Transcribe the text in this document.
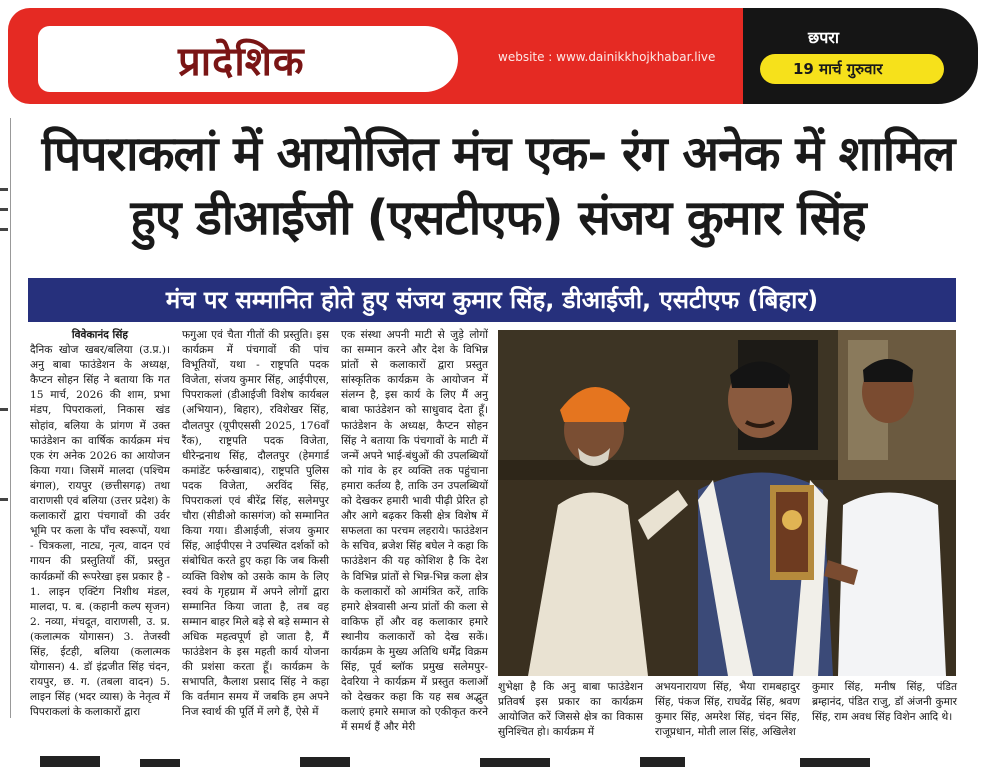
प्रादेशिक	website : www.dainikkhojkhabar.live
छपरा
19 मार्च गुरुवार
पिपराकलां में आयोजित मंच एक- रंग अनेक में शामिल
हुए डीआईजी (एसटीएफ) संजय कुमार सिंह
मंच पर सम्मानित होते हुए संजय कुमार सिंह, डीआईजी, एसटीएफ (बिहार)

विवेकानंद सिंह

दैनिक खोज खबर/बलिया (उ.प्र.)। अनु बाबा फाउंडेशन के अध्यक्ष, कैप्टन सोहन सिंह ने बताया कि गत 15 मार्च, 2026 की शाम, प्रभा मंडप, पिपराकलां, निकास खंड सोहांव, बलिया के प्रांगण में उक्त फाउंडेशन का वार्षिक कार्यक्रम मंच एक रंग अनेक 2026 का आयोजन किया गया। जिसमें मालदा (पश्चिम बंगाल), रायपुर (छत्तीसगढ़) तथा वाराणसी एवं बलिया (उत्तर प्रदेश) के कलाकारों द्वारा पंचगावों की उर्वर भूमि पर कला के पाँच स्वरूपों, यथा - चित्रकला, नाट्य, नृत्य, वादन एवं गायन की प्रस्तुतियाँ कीं, प्रस्तुत कार्यक्रमों की रूपरेखा इस प्रकार है - 1. लाइन एक्टिंग निशीथ मंडल, मालदा, प. ब. (कहानी कल्प सृजन) 2. नव्या, मंचदूत, वाराणसी, उ. प्र. (कलात्मक योगासन) 3. तेजस्वी सिंह, ईटही, बलिया (कलात्मक योगासन) 4. डॉ इंद्रजीत सिंह चंदन, रायपुर, छ. ग. (तबला वादन) 5. लाइन सिंह (भदर व्यास) के नेतृत्व में पिपराकलां के कलाकारों द्वारा

फगुआ एवं चैता गीतों की प्रस्तुति। इस कार्यक्रम में पंचगावों की पांच विभूतियों, यथा - राष्ट्रपति पदक विजेता, संजय कुमार सिंह, आईपीएस, पिपराकलां (डीआईजी विशेष कार्यबल (अभियान), बिहार), रविशेखर सिंह, दौलतपुर (यूपीएससी 2025, 176वाँ रैंक), राष्ट्रपति पदक विजेता, धीरेन्द्रनाथ सिंह, दौलतपुर (हेमगार्ड कमांडेंट फर्रुखाबाद), राष्ट्रपति पुलिस पदक विजेता, अरविंद सिंह, पिपराकलां एवं बीरेंद्र सिंह, सलेमपुर चौरा (सीडीओ कासगंज) को सम्मानित किया गया। डीआईजी, संजय कुमार सिंह, आईपीएस ने उपस्थित दर्शकों को संबोधित करते हुए कहा कि जब किसी व्यक्ति विशेष को उसके काम के लिए स्वयं के गृहग्राम में अपने लोगों द्वारा सम्मानित किया जाता है, तब वह सम्मान बाहर मिले बड़े से बड़े सम्मान से अधिक महत्वपूर्ण हो जाता है, मैं फाउंडेशन के इस महती कार्य योजना की प्रशंसा करता हूँ। कार्यक्रम के सभापति, कैलाश प्रसाद सिंह ने कहा कि वर्तमान समय में जबकि हम अपने निज स्वार्थ की पूर्ति में लगे हैं, ऐसे में

एक संस्था अपनी माटी से जुड़े लोगों का सम्मान करने और देश के विभिन्न प्रांतों से कलाकारों द्वारा प्रस्तुत सांस्कृतिक कार्यक्रम के आयोजन में संलग्न है, इस कार्य के लिए मैं अनु बाबा फाउंडेशन को साधुवाद देता हूँ। फाउंडेशन के अध्यक्ष, कैप्टन सोहन सिंह ने बताया कि पंचगावों के माटी में जन्में अपने भाई-बंधुओं की उपलब्धियों को गांव के हर व्यक्ति तक पहुंचाना हमारा कर्तव्य है, ताकि उन उपलब्धियों को देखकर हमारी भावी पीढ़ी प्रेरित हो और आगे बढ़कर किसी क्षेत्र विशेष में सफलता का परचम लहराये। फाउंडेशन के सचिव, ब्रजेश सिंह बघेल ने कहा कि फाउंडेशन की यह कोशिश है कि देश के विभिन्न प्रांतों से भिन्न-भिन्न कला क्षेत्र के कलाकारों को आमंत्रित करें, ताकि हमारे क्षेत्रवासी अन्य प्रांतों की कला से वाकिफ हों और वह कलाकार हमारे स्थानीय कलाकारों को देख सकें। कार्यक्रम के मुख्य अतिथि धर्मेंद्र विक्रम सिंह, पूर्व ब्लॉक प्रमुख सलेमपुर-देवरिया ने कार्यक्रम में प्रस्तुत कलाओं को देखकर कहा कि यह सब अद्भुत कलाएं हमारे समाज को एकीकृत करने में समर्थ हैं और मेरी

शुभेक्षा है कि अनु बाबा फाउंडेशन प्रतिवर्ष इस प्रकार का कार्यक्रम आयोजित करें जिससे क्षेत्र का विकास सुनिश्चित हो। कार्यक्रम में
अभयनारायण सिंह, भैया रामबहादुर सिंह, पंकज सिंह, राघवेंद्र सिंह, श्रवण कुमार सिंह, अमरेश सिंह, चंदन सिंह, राजूप्रधान, मोती लाल सिंह, अखिलेश
कुमार सिंह, मनीष सिंह, पंडित ब्रम्हानंद, पंडित राजु, डॉ अंजनी कुमार सिंह, राम अवध सिंह विशेन आदि थे।
